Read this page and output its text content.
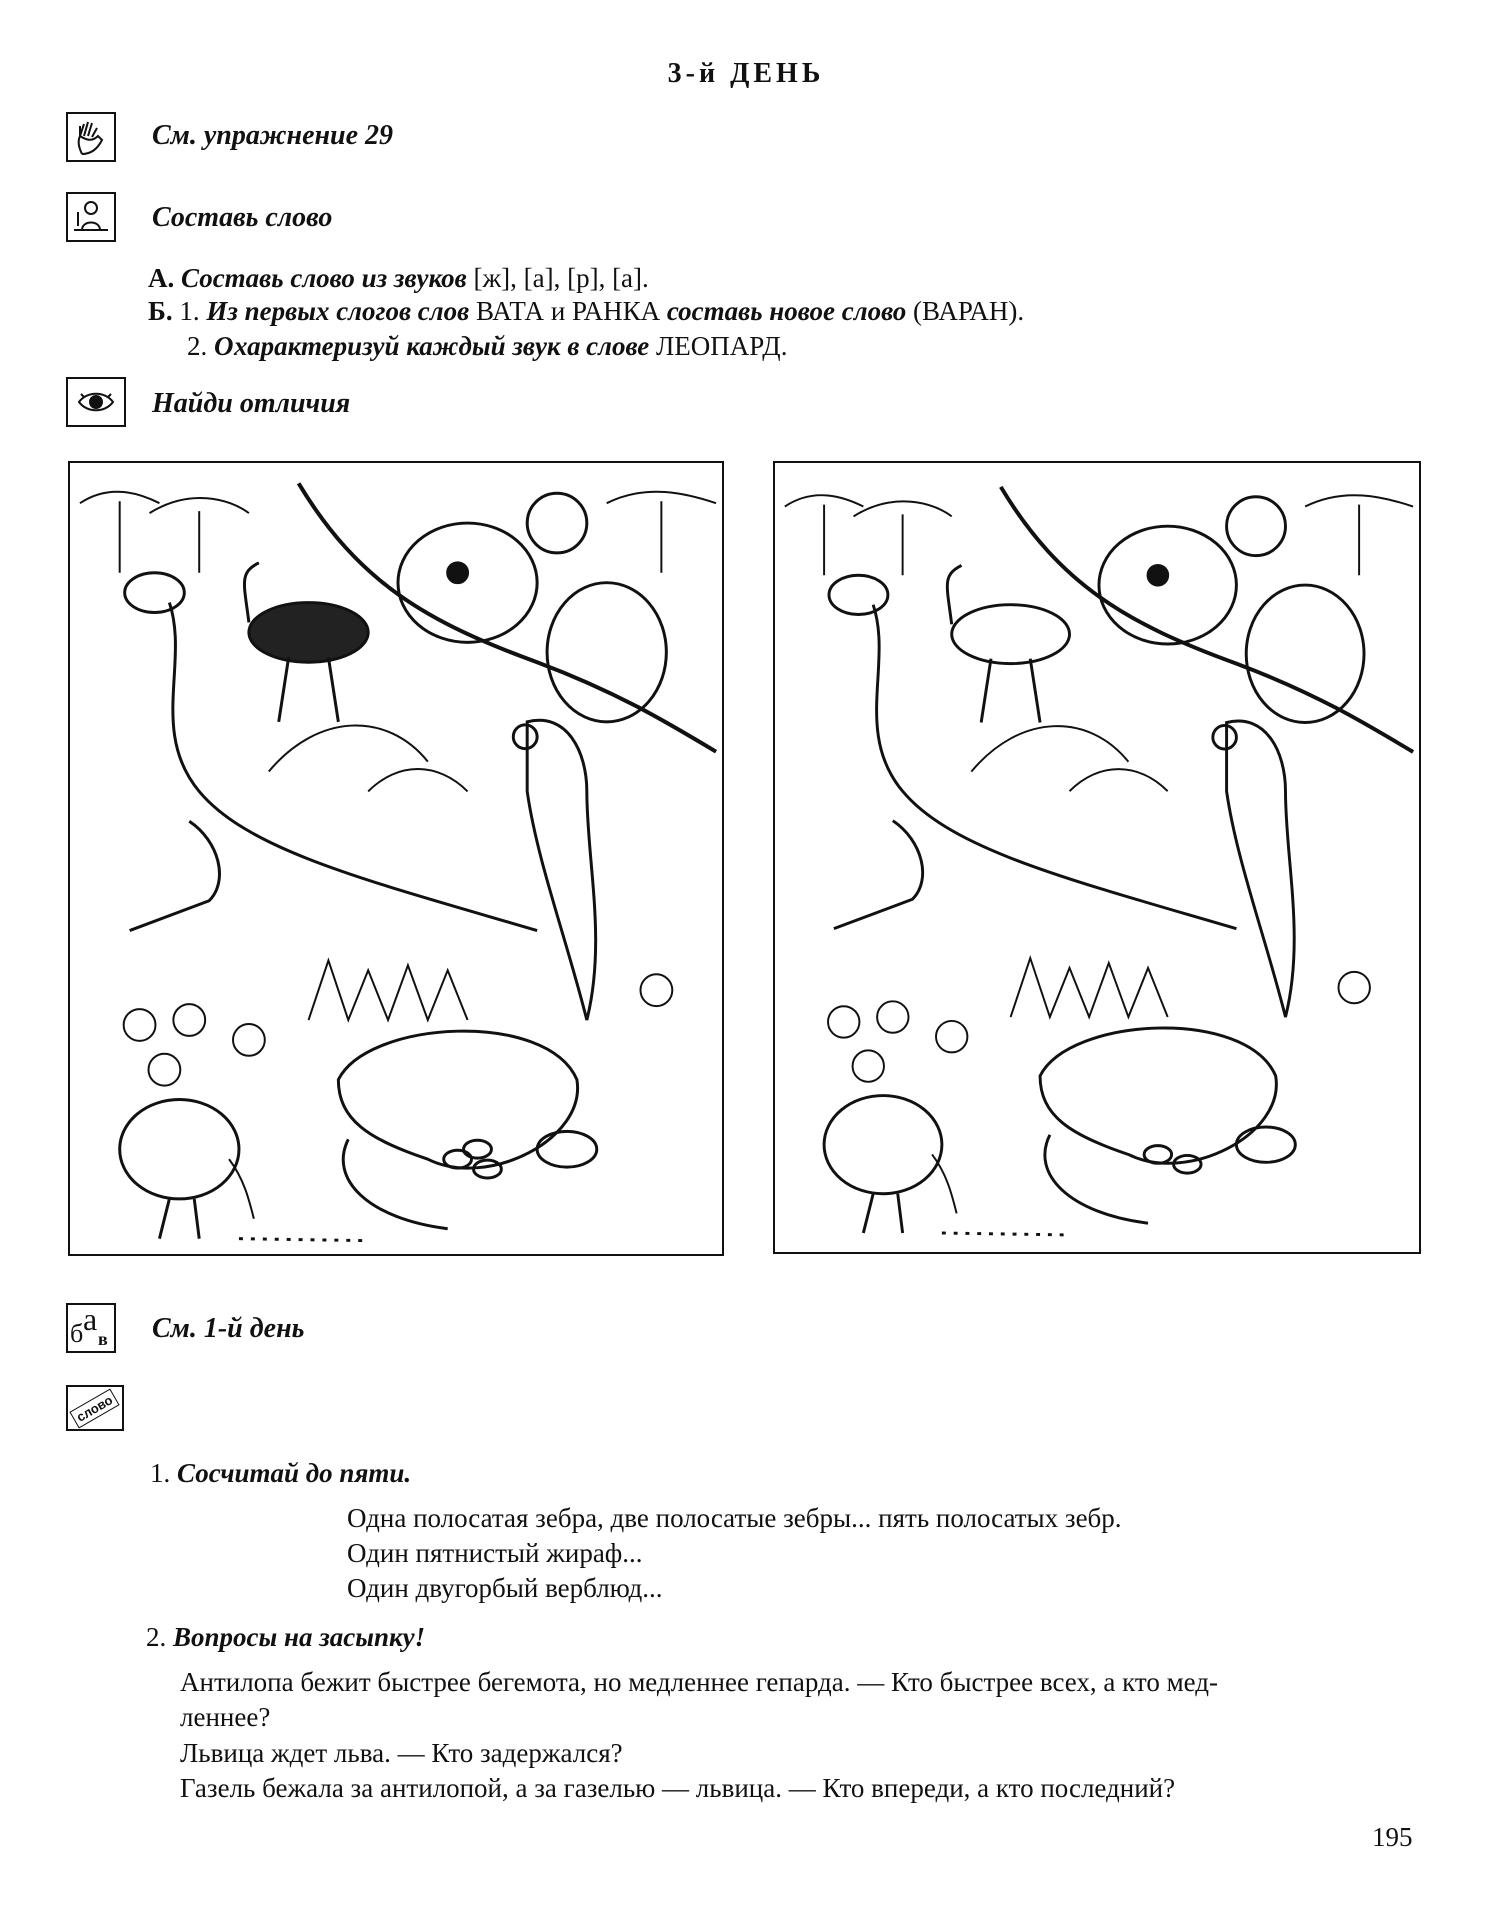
3-й ДЕНЬ
См. упражнение 29
Составь слово
А. Составь слово из звуков [ж], [а], [р], [а].
Б. 1. Из первых слогов слов ВАТА и РАНКА составь новое слово (ВАРАН).
2. Охарактеризуй каждый звук в слове ЛЕОПАРД.
Найди отличия
б а
в См. 1-й день
слово
1. Сосчитай до пяти.
Одна полосатая зебра, две полосатые зебры... пять полосатых зебр.
Один пятнистый жираф...
Один двугорбый верблюд...
2. Вопросы на засыпку!
Антилопа бежит быстрее бегемота, но медленнее гепарда. — Кто быстрее всех, а кто мед-
леннее?
Львица ждет льва. — Кто задержался?
Газель бежала за антилопой, а за газелью — львица. — Кто впереди, а кто последний?
195
